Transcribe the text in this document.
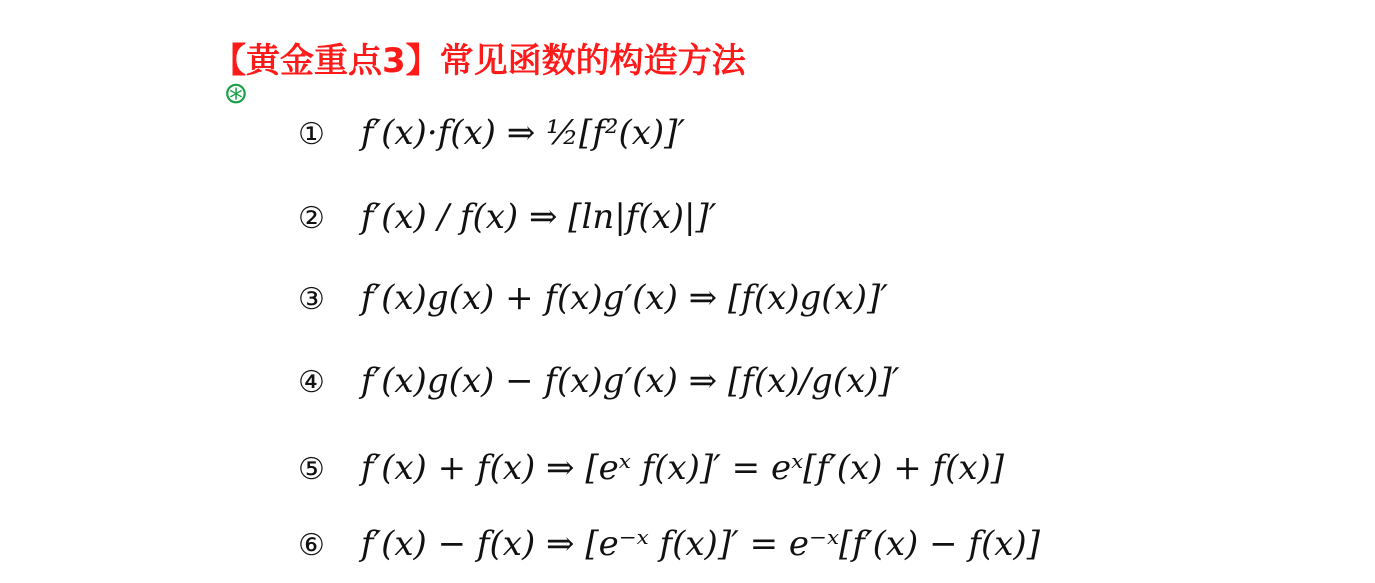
【黄金重点3】常见函数的构造方法
⊛
① f′(x)·f(x) ⇒ ½[f²(x)]′
② f′(x) / f(x) ⇒ [ln|f(x)|]′
③ f′(x)g(x) + f(x)g′(x) ⇒ [f(x)g(x)]′
④ f′(x)g(x) − f(x)g′(x) ⇒ [f(x)/g(x)]′
⑤ f′(x) + f(x) ⇒ [eˣ f(x)]′ = eˣ[f′(x) + f(x)]
⑥ f′(x) − f(x) ⇒ [e⁻ˣ f(x)]′ = e⁻ˣ[f′(x) − f(x)]
